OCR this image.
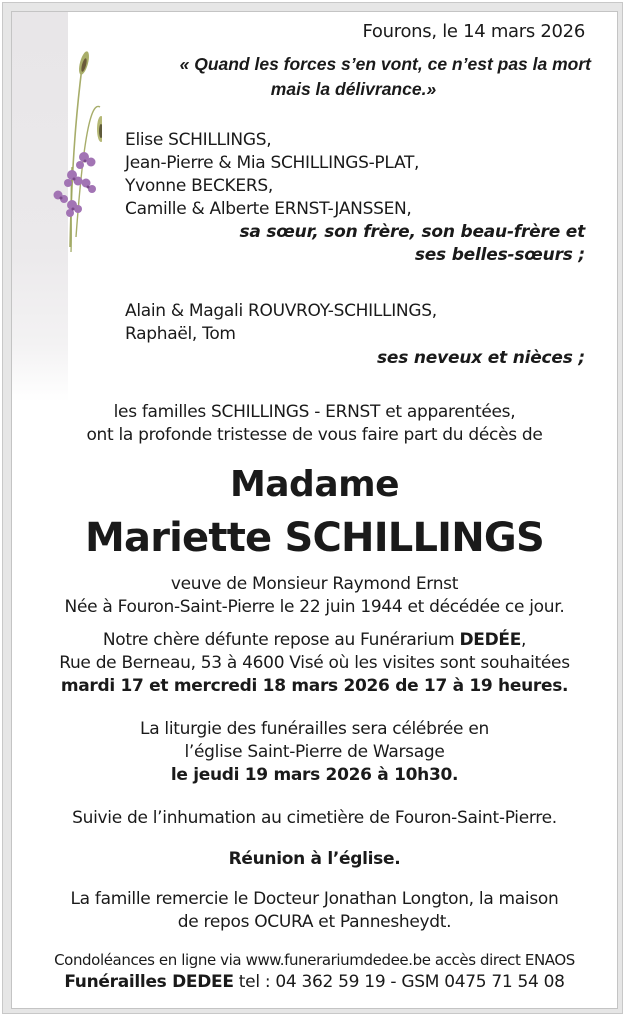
Fourons, le 14 mars 2026
« Quand les forces s’en vont, ce n’est pas la mort
mais la délivrance.»
Elise SCHILLINGS,
Jean-Pierre & Mia SCHILLINGS-PLAT,
Yvonne BECKERS,
Camille & Alberte ERNST-JANSSEN,
sa sœur, son frère, son beau-frère et
ses belles-sœurs ;
Alain & Magali ROUVROY-SCHILLINGS,
Raphaël, Tom
ses neveux et nièces ;
les familles SCHILLINGS - ERNST et apparentées,
ont la profonde tristesse de vous faire part du décès de
Madame
Mariette SCHILLINGS
veuve de Monsieur Raymond Ernst
Née à Fouron-Saint-Pierre le 22 juin 1944 et décédée ce jour.
Notre chère défunte repose au Funérarium DEDÉE,
Rue de Berneau, 53 à 4600 Visé où les visites sont souhaitées
mardi 17 et mercredi 18 mars 2026 de 17 à 19 heures.
La liturgie des funérailles sera célébrée en
l’église Saint-Pierre de Warsage
le jeudi 19 mars 2026 à 10h30.
Suivie de l’inhumation au cimetière de Fouron-Saint-Pierre.
Réunion à l’église.
La famille remercie le Docteur Jonathan Longton, la maison
de repos OCURA et Pannesheydt.
Condoléances en ligne via www.funerariumdedee.be accès direct ENAOS
Funérailles DEDEE tel : 04 362 59 19 - GSM 0475 71 54 08
